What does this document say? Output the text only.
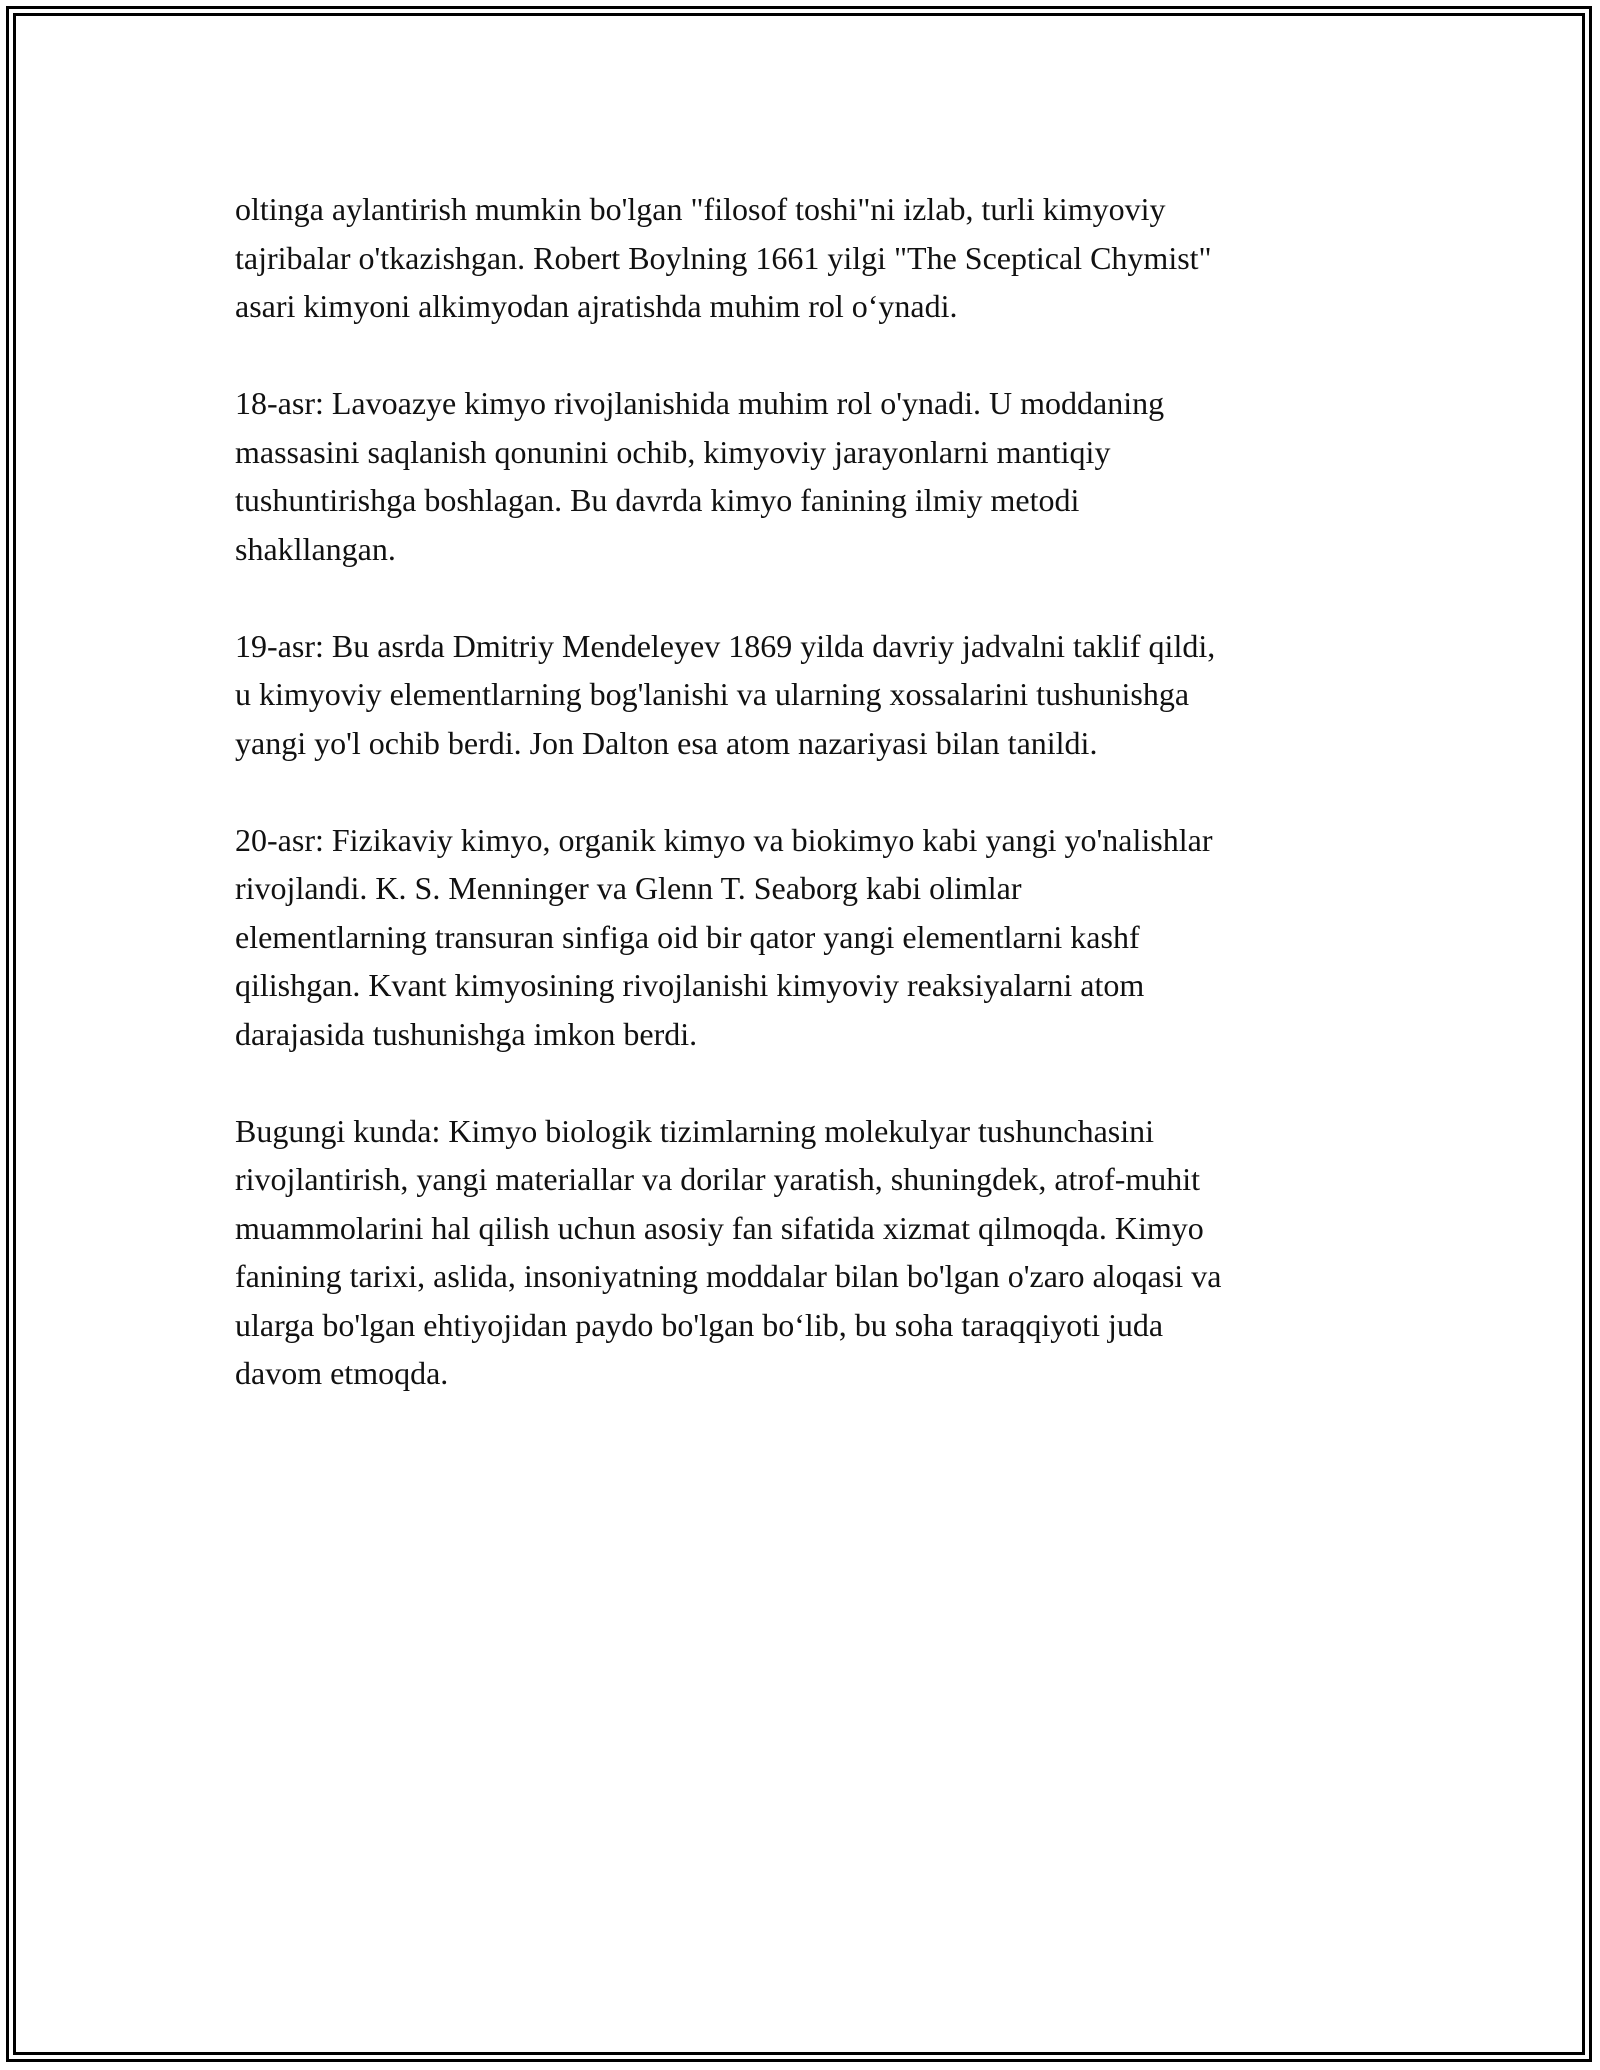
oltinga aylantirish mumkin bo'lgan "filosof toshi"ni izlab, turli kimyoviy
tajribalar o'tkazishgan. Robert Boylning 1661 yilgi "The Sceptical Chymist"
asari kimyoni alkimyodan ajratishda muhim rol o‘ynadi.

18-asr: Lavoazye kimyo rivojlanishida muhim rol o'ynadi. U moddaning
massasini saqlanish qonunini ochib, kimyoviy jarayonlarni mantiqiy
tushuntirishga boshlagan. Bu davrda kimyo fanining ilmiy metodi
shakllangan.

19-asr: Bu asrda Dmitriy Mendeleyev 1869 yilda davriy jadvalni taklif qildi,
u kimyoviy elementlarning bog'lanishi va ularning xossalarini tushunishga
yangi yo'l ochib berdi. Jon Dalton esa atom nazariyasi bilan tanildi.

20-asr: Fizikaviy kimyo, organik kimyo va biokimyo kabi yangi yo'nalishlar
rivojlandi. K. S. Menninger va Glenn T. Seaborg kabi olimlar
elementlarning transuran sinfiga oid bir qator yangi elementlarni kashf
qilishgan. Kvant kimyosining rivojlanishi kimyoviy reaksiyalarni atom
darajasida tushunishga imkon berdi.

Bugungi kunda: Kimyo biologik tizimlarning molekulyar tushunchasini
rivojlantirish, yangi materiallar va dorilar yaratish, shuningdek, atrof-muhit
muammolarini hal qilish uchun asosiy fan sifatida xizmat qilmoqda. Kimyo
fanining tarixi, aslida, insoniyatning moddalar bilan bo'lgan o'zaro aloqasi va
ularga bo'lgan ehtiyojidan paydo bo'lgan bo‘lib, bu soha taraqqiyoti juda
davom etmoqda.
